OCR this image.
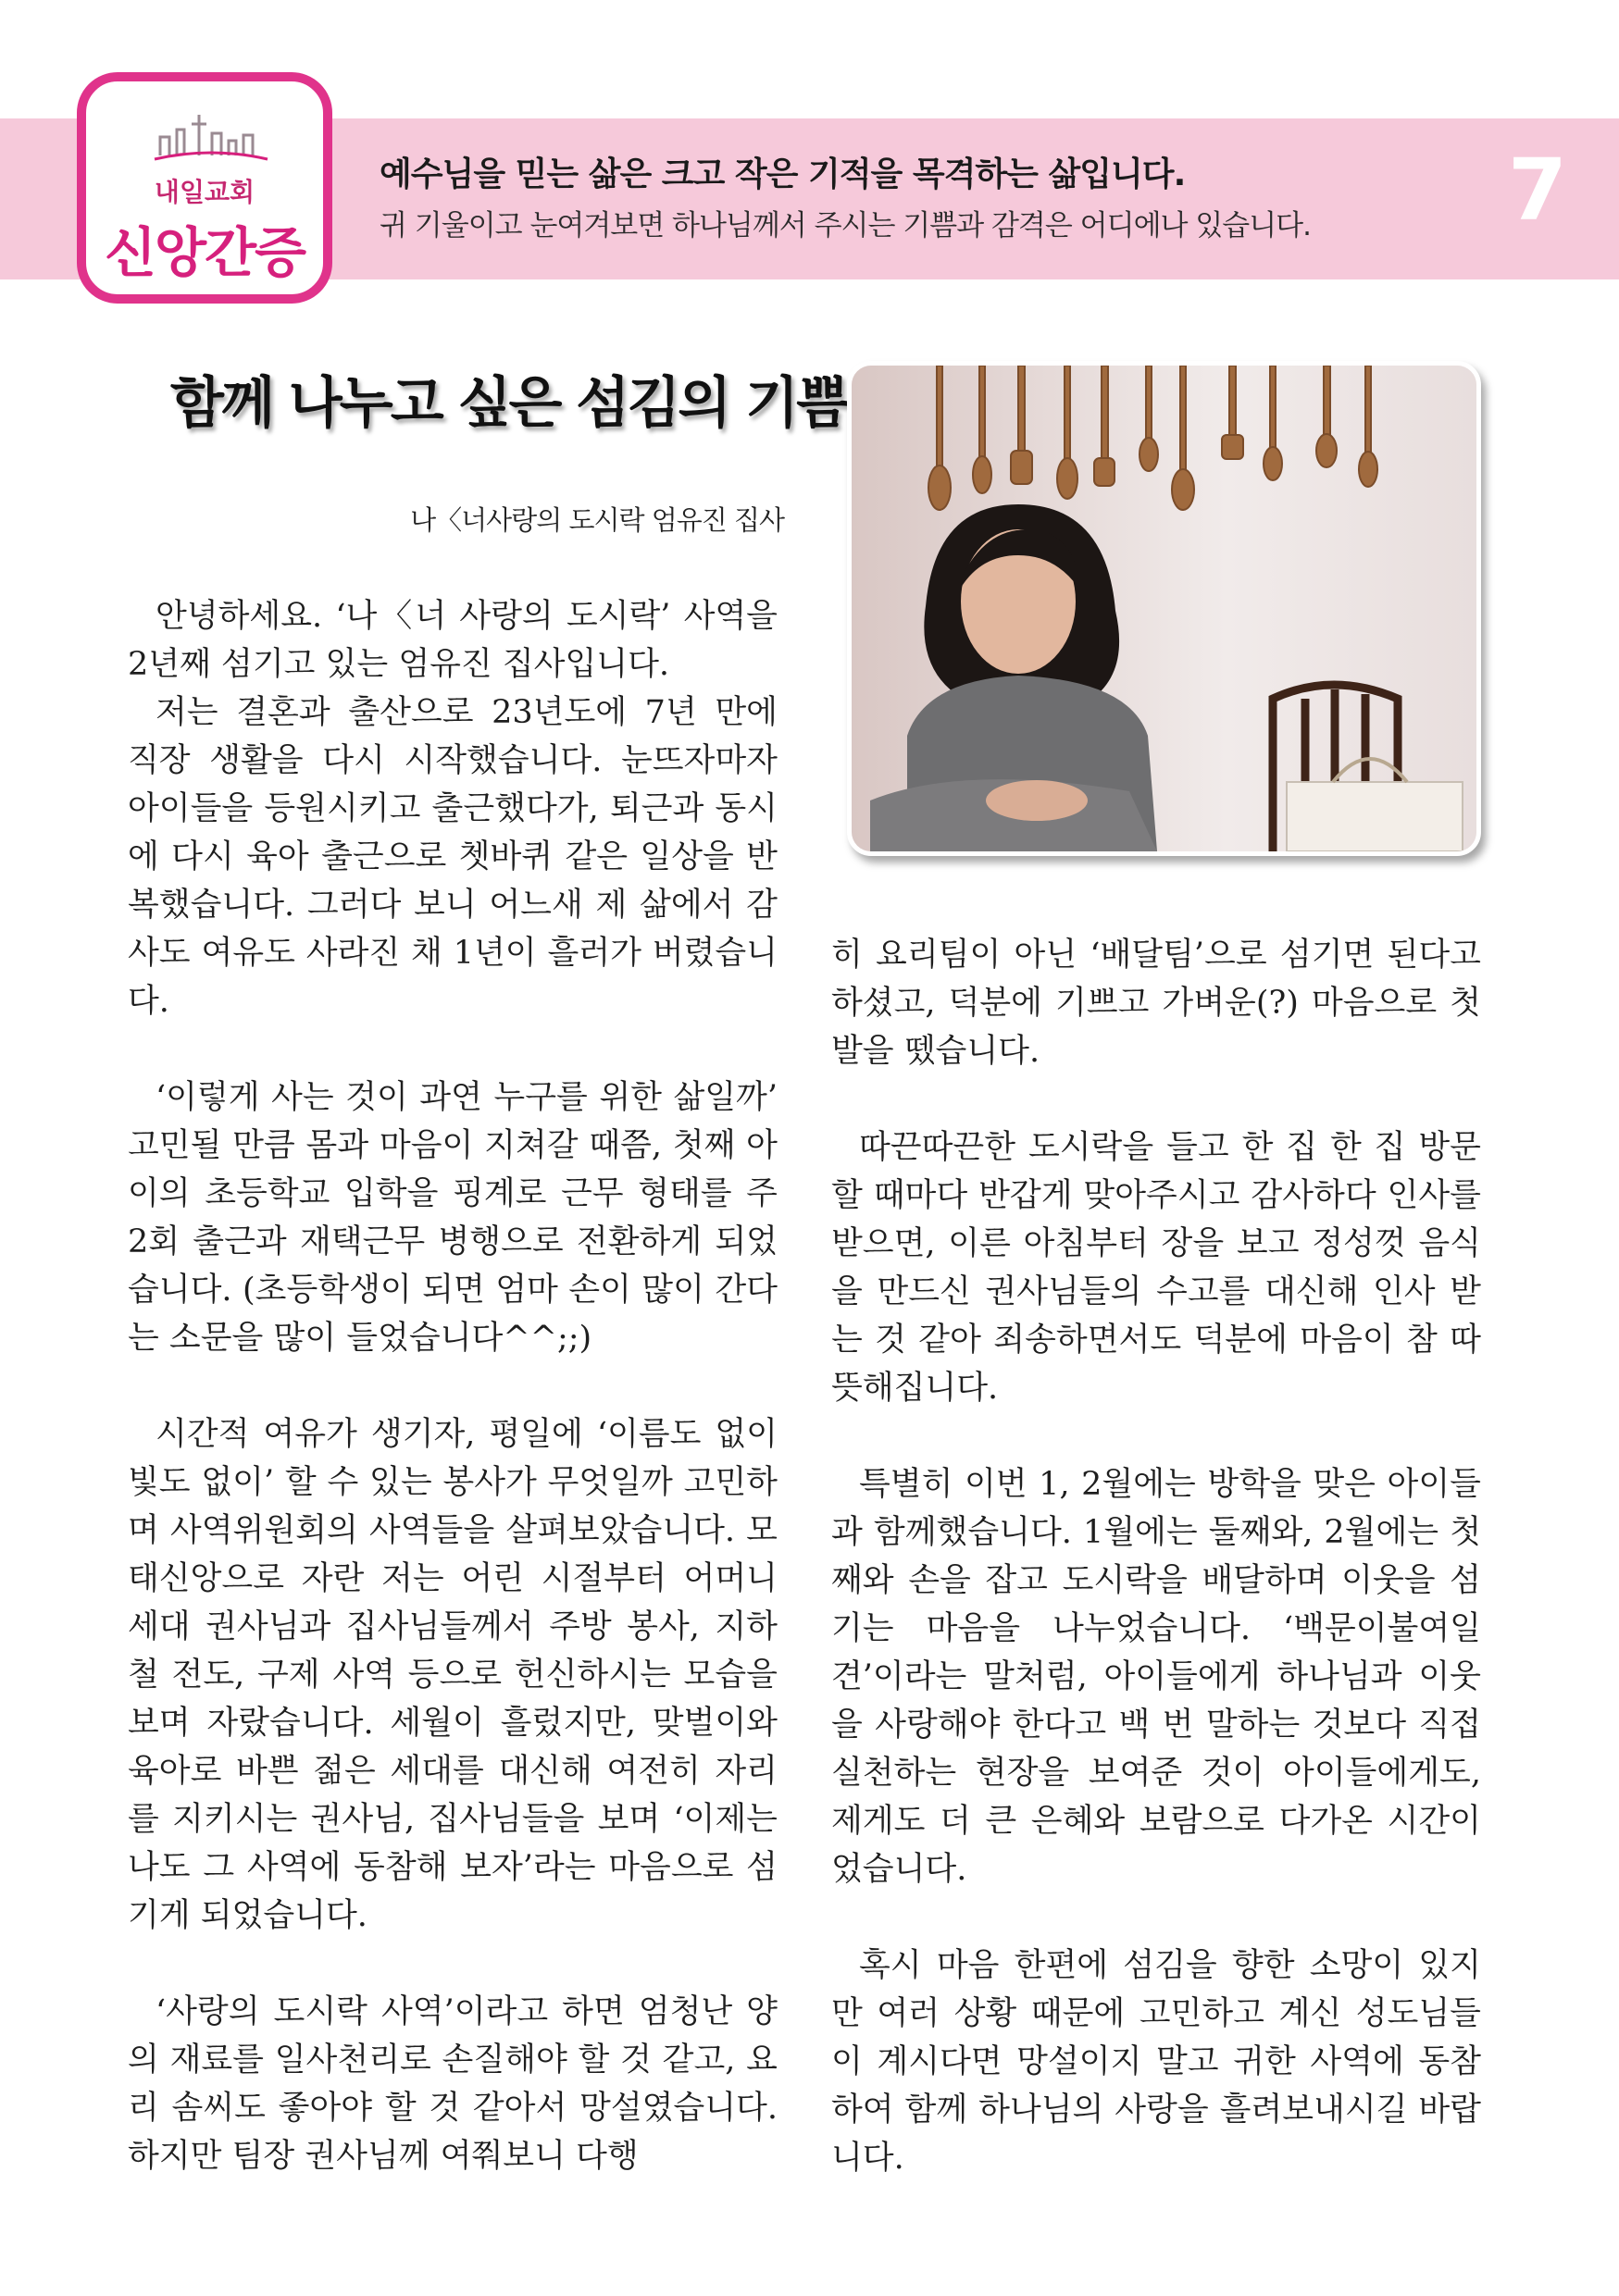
내일교회
신앙간증
예수님을 믿는 삶은 크고 작은 기적을 목격하는 삶입니다.
귀 기울이고 눈여겨보면 하나님께서 주시는 기쁨과 감격은 어디에나 있습니다. 7
함께 나누고 싶은 섬김의 기쁨
나〈너사랑의 도시락 엄유진 집사

안녕하세요. ‘나〈너 사랑의 도시락’ 사역을 2년째 섬기고 있는 엄유진 집사입니다.

저는 결혼과 출산으로 23년도에 7년 만에 직장 생활을 다시 시작했습니다. 눈뜨자마자 아이들을 등원시키고 출근했다가, 퇴근과 동시에 다시 육아 출근으로 쳇바퀴 같은 일상을 반복했습니다. 그러다 보니 어느새 제 삶에서 감사도 여유도 사라진 채 1년이 흘러가 버렸습니다.

‘이렇게 사는 것이 과연 누구를 위한 삶일까’ 고민될 만큼 몸과 마음이 지쳐갈 때쯤, 첫째 아이의 초등학교 입학을 핑계로 근무 형태를 주 2회 출근과 재택근무 병행으로 전환하게 되었습니다. (초등학생이 되면 엄마 손이 많이 간다는 소문을 많이 들었습니다^^;;)

시간적 여유가 생기자, 평일에 ‘이름도 없이 빛도 없이’ 할 수 있는 봉사가 무엇일까 고민하며 사역위원회의 사역들을 살펴보았습니다. 모태신앙으로 자란 저는 어린 시절부터 어머니 세대 권사님과 집사님들께서 주방 봉사, 지하철 전도, 구제 사역 등으로 헌신하시는 모습을 보며 자랐습니다. 세월이 흘렀지만, 맞벌이와 육아로 바쁜 젊은 세대를 대신해 여전히 자리를 지키시는 권사님, 집사님들을 보며 ‘이제는 나도 그 사역에 동참해 보자’라는 마음으로 섬기게 되었습니다.

‘사랑의 도시락 사역’이라고 하면 엄청난 양의 재료를 일사천리로 손질해야 할 것 같고, 요리 솜씨도 좋아야 할 것 같아서 망설였습니다. 하지만 팀장 권사님께 여쭤보니 다행

히 요리팀이 아닌 ‘배달팀’으로 섬기면 된다고 하셨고, 덕분에 기쁘고 가벼운(?) 마음으로 첫발을 뗐습니다.

따끈따끈한 도시락을 들고 한 집 한 집 방문할 때마다 반갑게 맞아주시고 감사하다 인사를 받으면, 이른 아침부터 장을 보고 정성껏 음식을 만드신 권사님들의 수고를 대신해 인사 받는 것 같아 죄송하면서도 덕분에 마음이 참 따뜻해집니다.

특별히 이번 1, 2월에는 방학을 맞은 아이들과 함께했습니다. 1월에는 둘째와, 2월에는 첫째와 손을 잡고 도시락을 배달하며 이웃을 섬기는 마음을 나누었습니다. ‘백문이불여일견’이라는 말처럼, 아이들에게 하나님과 이웃을 사랑해야 한다고 백 번 말하는 것보다 직접 실천하는 현장을 보여준 것이 아이들에게도, 제게도 더 큰 은혜와 보람으로 다가온 시간이었습니다.

혹시 마음 한편에 섬김을 향한 소망이 있지만 여러 상황 때문에 고민하고 계신 성도님들이 계시다면 망설이지 말고 귀한 사역에 동참하여 함께 하나님의 사랑을 흘려보내시길 바랍니다.
